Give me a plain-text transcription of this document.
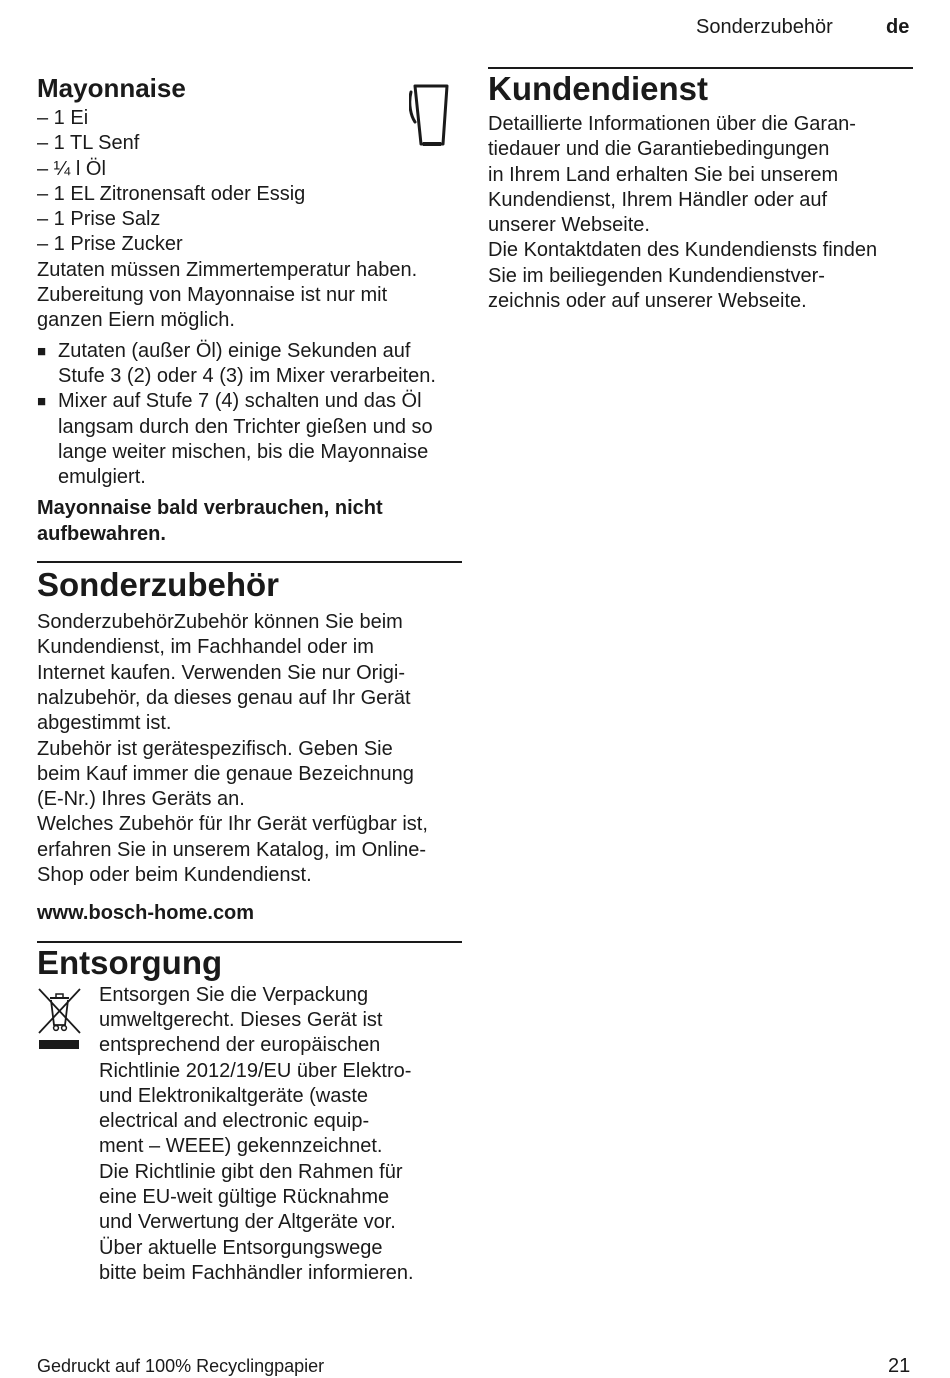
Sonderzubehör	de
Mayonnaise

– 1 Ei

– 1 TL Senf

– ¼ l Öl

– 1 EL Zitronensaft oder Essig

– 1 Prise Salz

– 1 Prise Zucker

Zutaten müssen Zimmertemperatur haben.

Zubereitung von Mayonnaise ist nur mit

ganzen Eiern möglich.

■ Zutaten (außer Öl) einige Sekunden auf
Stufe 3 (2) oder 4 (3) im Mixer verarbeiten.
■ Mixer auf Stufe 7 (4) schalten und das Öl
langsam durch den Trichter gießen und so
lange weiter mischen, bis die Mayonnaise
emulgiert.

Mayonnaise bald verbrauchen, nicht

aufbewahren.

Sonderzubehör

SonderzubehörZubehör können Sie beim

Kundendienst, im Fachhandel oder im

Internet kaufen. Verwenden Sie nur Origi-

nalzubehör, da dieses genau auf Ihr Gerät

abgestimmt ist.

Zubehör ist gerätespezifisch. Geben Sie

beim Kauf immer die genaue Bezeichnung

(E-Nr.) Ihres Geräts an.

Welches Zubehör für Ihr Gerät verfügbar ist,

erfahren Sie in unserem Katalog, im Online-

Shop oder beim Kundendienst.

www.bosch-home.com

Entsorgung

Entsorgen Sie die Verpackung

umweltgerecht. Dieses Gerät ist

entsprechend der europäischen

Richtlinie 2012/19/EU über Elektro-

und Elektronikaltgeräte (waste

electrical and electronic equip-

ment – WEEE) gekennzeichnet.

Die Richtlinie gibt den Rahmen für

eine EU-weit gültige Rücknahme

und Verwertung der Altgeräte vor.

Über aktuelle Entsorgungswege

bitte beim Fachhändler informieren.

Kundendienst

Detaillierte Informationen über die Garan-

tiedauer und die Garantiebedingungen

in Ihrem Land erhalten Sie bei unserem

Kundendienst, Ihrem Händler oder auf

unserer Webseite.

Die Kontaktdaten des Kundendiensts finden

Sie im beiliegenden Kundendienstver-

zeichnis oder auf unserer Webseite.

Gedruckt auf 100% Recyclingpapier	21
